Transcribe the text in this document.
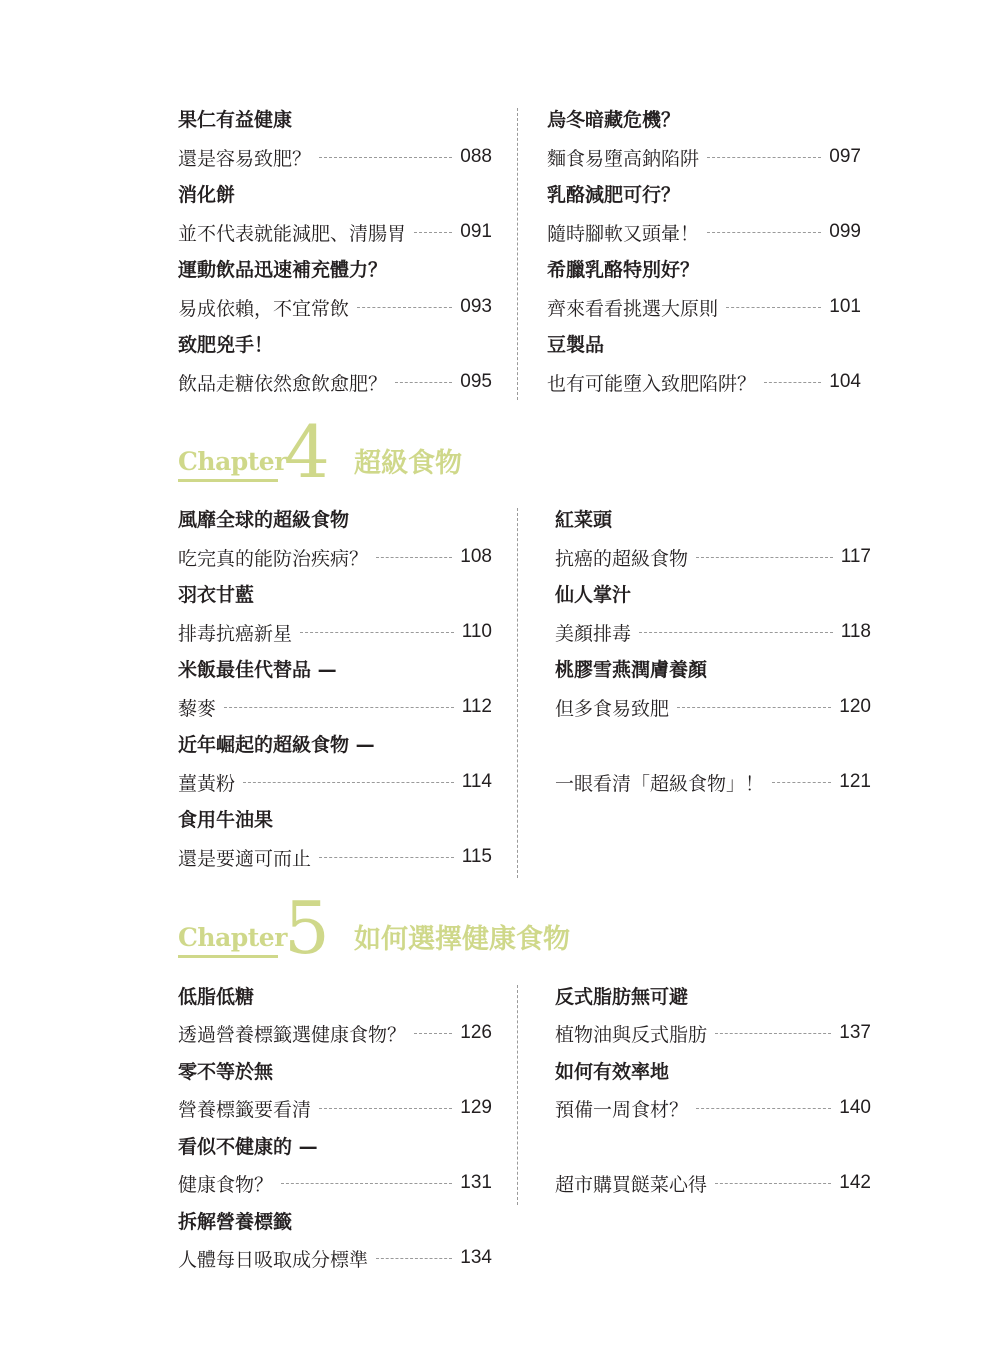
果仁有益健康
還是容易致肥？	088
消化餅
並不代表就能減肥、清腸胃	091
運動飲品迅速補充體力？
易成依賴，不宜常飲	093
致肥兇手！
飲品走糖依然愈飲愈肥？	095
烏冬暗藏危機？
麵食易墮高鈉陷阱	097
乳酪減肥可行？
隨時腳軟又頭暈！	099
希臘乳酪特別好？
齊來看看挑選大原則	101
豆製品
也有可能墮入致肥陷阱？	104
Chapter
4 超級食物
風靡全球的超級食物
吃完真的能防治疾病？	108
羽衣甘藍
排毒抗癌新星	110
米飯最佳代替品 —
藜麥	112
近年崛起的超級食物 —
薑黃粉	114
食用牛油果
還是要適可而止	115
紅菜頭
抗癌的超級食物	117
仙人掌汁
美顏排毒	118
桃膠雪燕潤膚養顏
但多食易致肥	120
一眼看清「超級食物」！	121
Chapter
5 如何選擇健康食物
低脂低糖
透過營養標籤選健康食物？	126
零不等於無
營養標籤要看清	129
看似不健康的 —
健康食物？	131
拆解營養標籤
人體每日吸取成分標準	134
反式脂肪無可避
植物油與反式脂肪	137
如何有效率地
預備一周食材？	140
超市購買餸菜心得	142
